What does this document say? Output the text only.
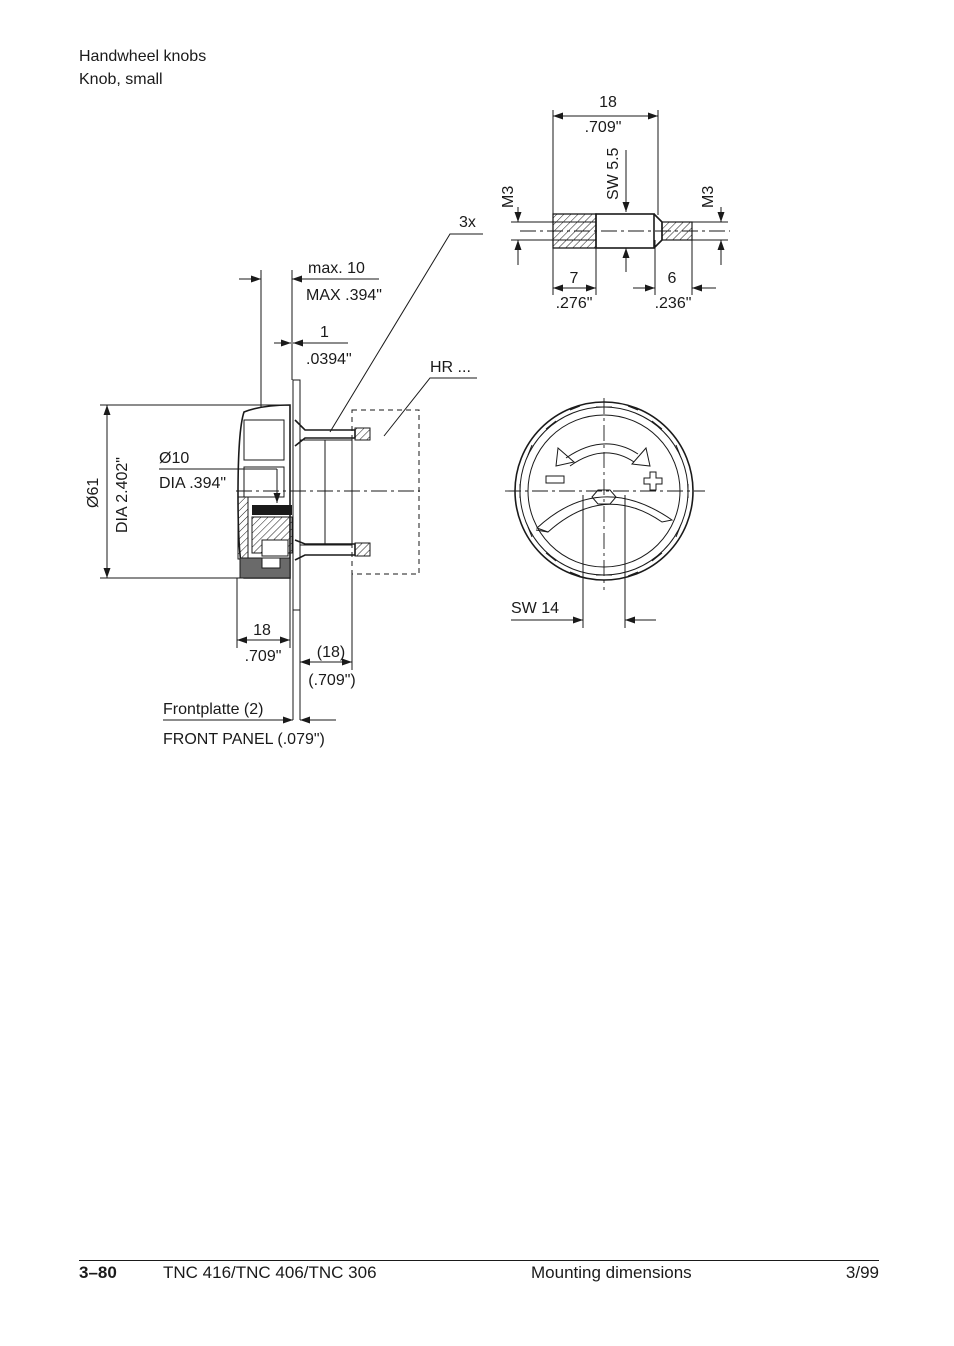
Handwheel knobs
Knob, small
18
.709"
SW 5.5
M3	M3
7
.276"
6
.236"
3x
max. 10
MAX .394"
1
.0394"	HR ...
Ø61 DIA 2.402" Ø10
DIA .394"
18
.709" (18)
(.709")
Frontplatte (2)
FRONT PANEL (.079")
SW 14
3–80	TNC 416/TNC 406/TNC 306	Mounting dimensions	3/99
